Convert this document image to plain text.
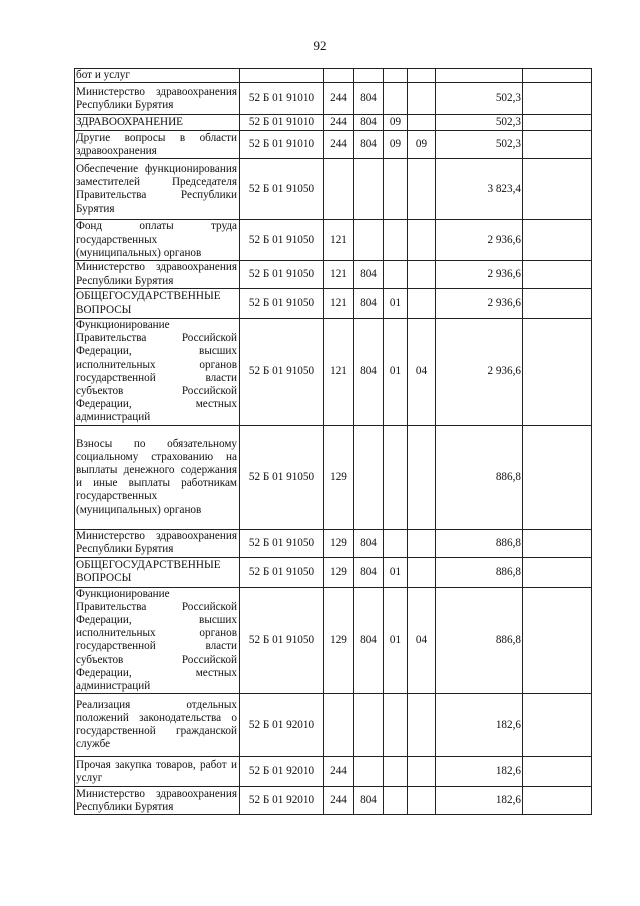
92
бот и услуг							
Министерство здравоохранения Республики Бурятия	52 Б 01 91010	244	804			502,3	
ЗДРАВООХРАНЕНИЕ	52 Б 01 91010	244	804	09		502,3	
Другие вопросы в области здравоохранения	52 Б 01 91010	244	804	09	09	502,3	
Обеспечение функционирования заместителей Председателя Правительства Республики Бурятия	52 Б 01 91050					3 823,4	
Фонд оплаты труда государственных (муниципальных) органов	52 Б 01 91050	121				2 936,6	
Министерство здравоохранения Республики Бурятия	52 Б 01 91050	121	804			2 936,6	
ОБЩЕГОСУДАРСТВЕННЫЕ ВОПРОСЫ	52 Б 01 91050	121	804	01		2 936,6	
Функционирование Правительства Российской Федерации, высших исполнительных органов государственной власти субъектов Российской Федерации, местных администраций	52 Б 01 91050	121	804	01	04	2 936,6	
Взносы по обязательному социальному страхованию на выплаты денежного содержания и иные выплаты работникам государственных (муниципальных) органов	52 Б 01 91050	129				886,8	
Министерство здравоохранения Республики Бурятия	52 Б 01 91050	129	804			886,8	
ОБЩЕГОСУДАРСТВЕННЫЕ ВОПРОСЫ	52 Б 01 91050	129	804	01		886,8	
Функционирование Правительства Российской Федерации, высших исполнительных органов государственной власти субъектов Российской Федерации, местных администраций	52 Б 01 91050	129	804	01	04	886,8	
Реализация отдельных положений законодательства о государственной гражданской службе	52 Б 01 92010					182,6	
Прочая закупка товаров, работ и услуг	52 Б 01 92010	244				182,6	
Министерство здравоохранения Республики Бурятия	52 Б 01 92010	244	804			182,6	
